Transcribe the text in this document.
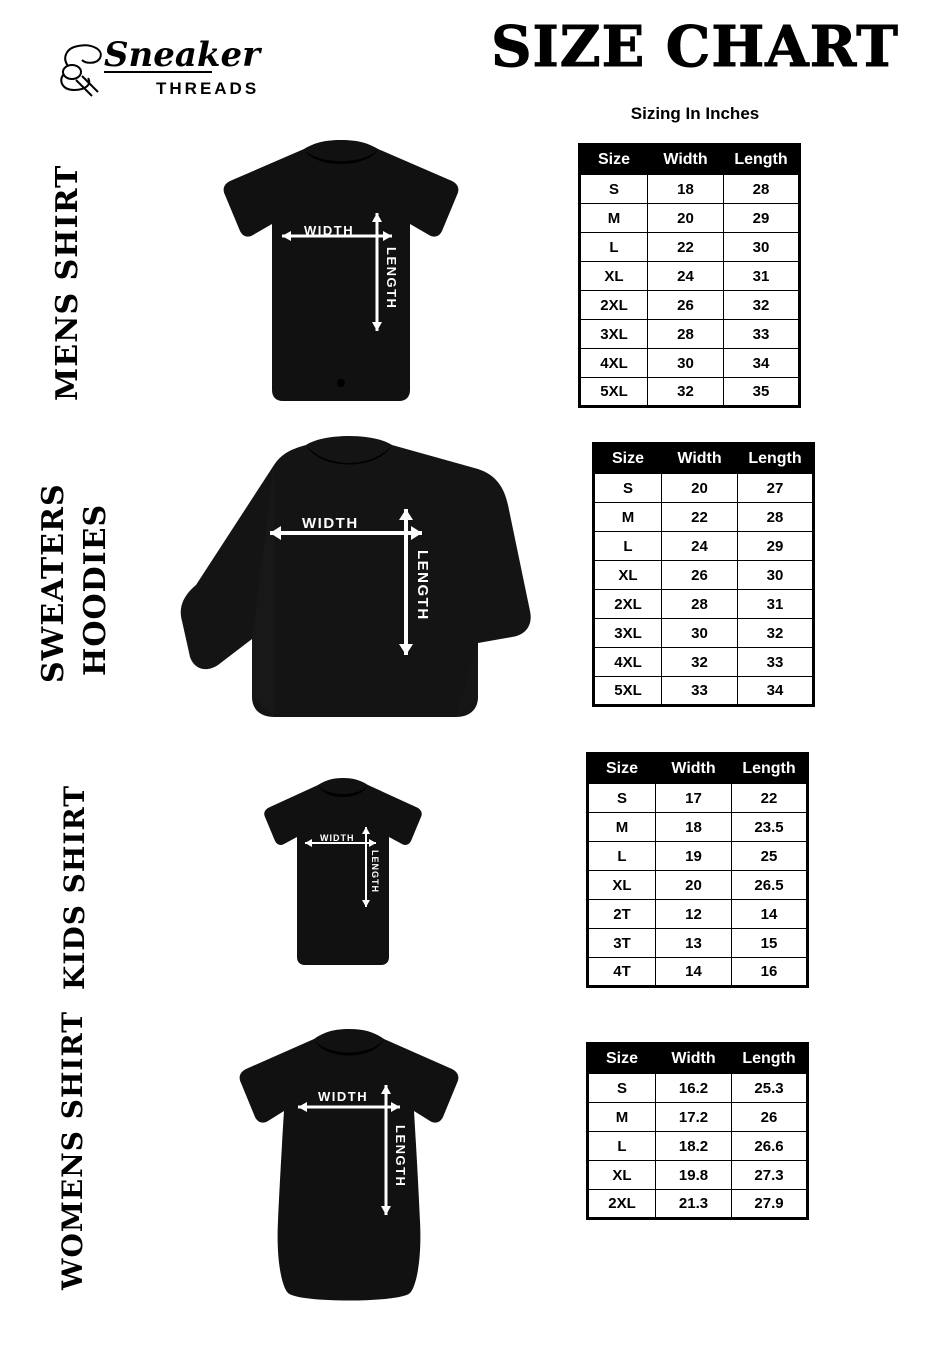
Sneaker
THREADS
SIZE CHART
Sizing In Inches
MENS SHIRT	WIDTH
LENGTH
Size	Width	Length
S	18	28
M	20	29
L	22	30
XL	24	31
2XL	26	32
3XL	28	33
4XL	30	34
5XL	32	35
SWEATERS HOODIES	WIDTH
LENGTH
Size	Width	Length
S	20	27
M	22	28
L	24	29
XL	26	30
2XL	28	31
3XL	30	32
4XL	32	33
5XL	33	34
KIDS SHIRT	WIDTH
LENGTH
Size	Width	Length
S	17	22
M	18	23.5
L	19	25
XL	20	26.5
2T	12	14
3T	13	15
4T	14	16
WOMENS SHIRT	WIDTH
LENGTH
Size	Width	Length
S	16.2	25.3
M	17.2	26
L	18.2	26.6
XL	19.8	27.3
2XL	21.3	27.9
